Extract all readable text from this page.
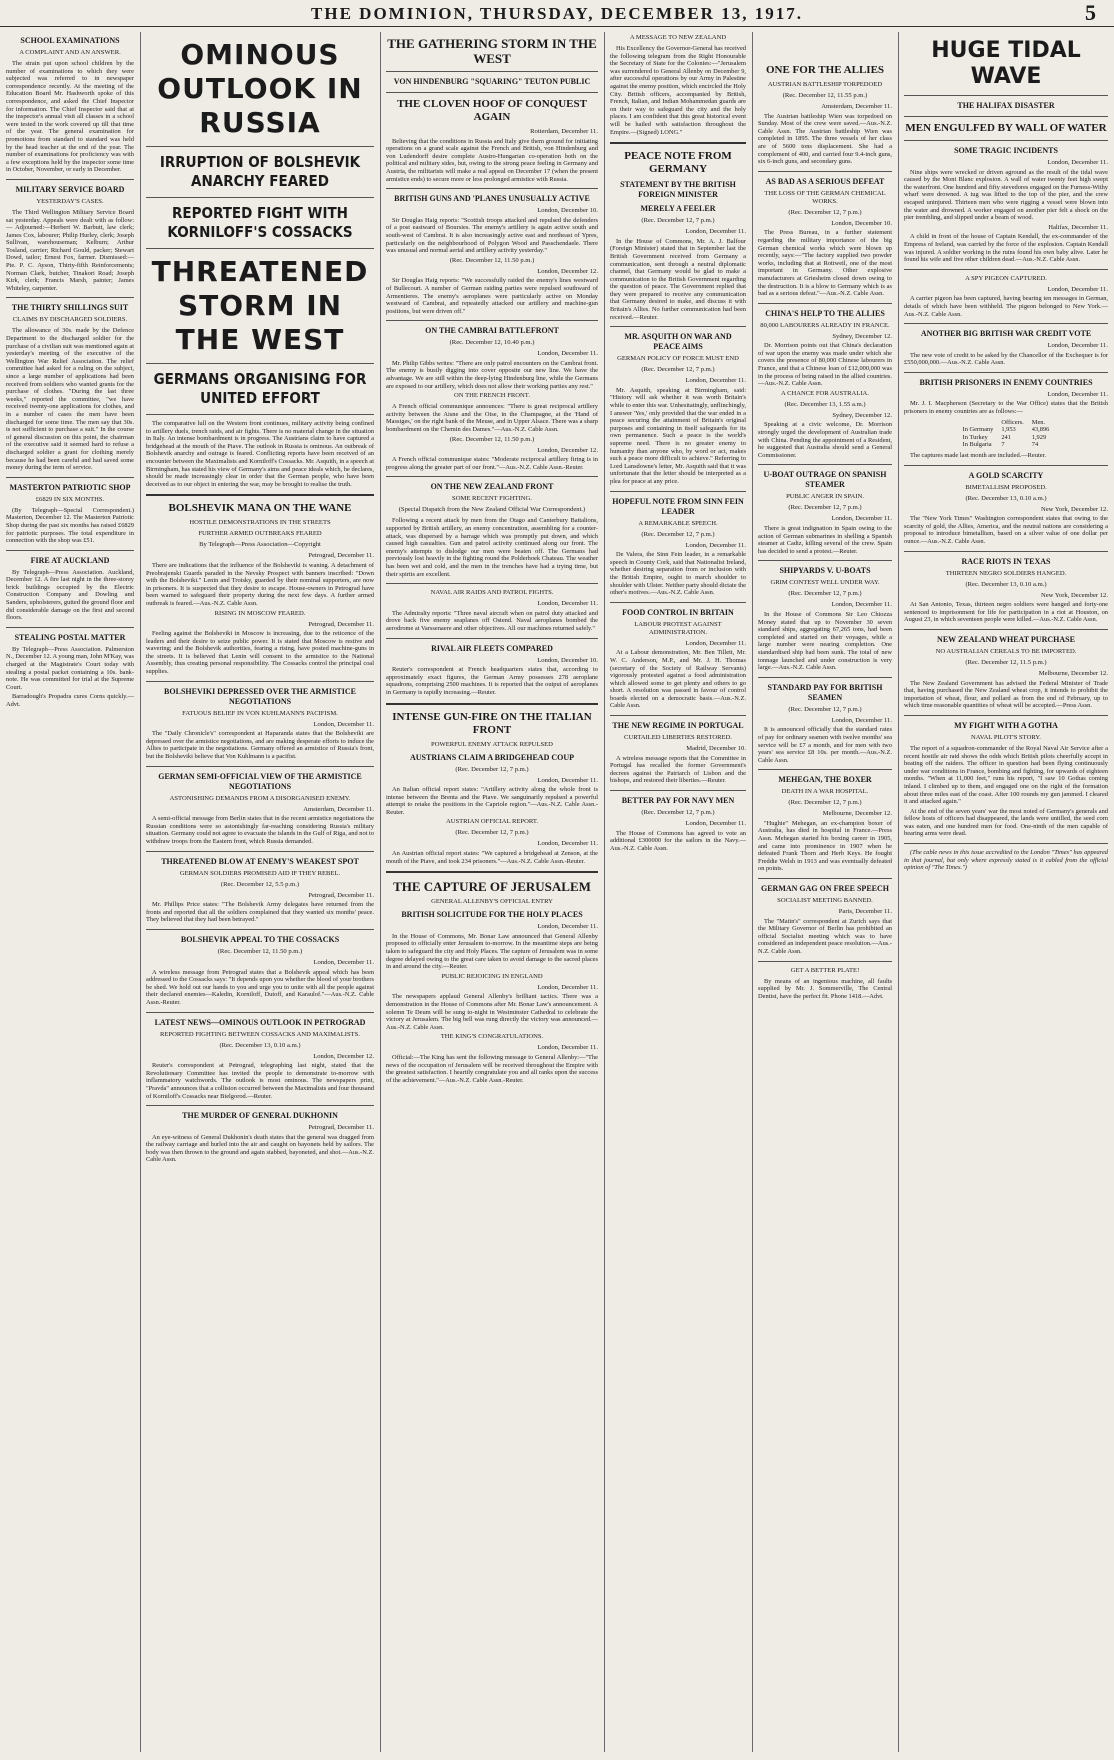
THE DOMINION, THURSDAY, DECEMBER 13, 1917.	5
SCHOOL EXAMINATIONS
A COMPLAINT AND AN ANSWER.

The strain put upon school children by the number of examinations to which they were subjected was referred to in newspaper correspondence recently. At the meeting of the Education Board Mr. Hashworth spoke of this correspondence, and asked the Chief Inspector for information. The Chief Inspector said that at the inspector's annual visit all classes in a school were tested in the work covered up till that time of the year. The general examination for promotions from standard to standard was held by the head teacher at the end of the year. The number of examinations for proficiency was with a few exceptions held by the inspector some time in October, November, or early in December.

MILITARY SERVICE BOARD
YESTERDAY'S CASES.

The Third Wellington Military Service Board sat yesterday. Appeals were dealt with as follow:— Adjourned:—Herbert W. Barbutt, law clerk; James Cox, labourer; Philip Hurley, clerk; Joseph Sullivan, warehouseman; Kelburn; Arthur Tosland, carrier; Richard Gould, packer; Stewart Dowd, tailor; Ernest Fox, farmer. Dismissed:—Pte. P. C. Ayson, Thirty-fifth Reinforcements; Norman Clark, butcher, Tinakori Road; Joseph Kirk, clerk; Francis Marsh, painter; James Whiteley, carpenter.

THE THIRTY SHILLINGS SUIT
CLAIMS BY DISCHARGED SOLDIERS.

The allowance of 30s. made by the Defence Department to the discharged soldier for the purchase of a civilian suit was mentioned again at yesterday's meeting of the executive of the Wellington War Relief Association. The relief committee had asked for a ruling on the subject, since a large number of applications had been received from soldiers who wanted grants for the purchase of clothes. "During the last three weeks," reported the committee, "we have received twenty-one applications for clothes, and in a number of cases the men have been discharged for some time. The men say that 30s. is not sufficient to purchase a suit." In the course of general discussion on this point, the chairman of the executive said it seemed hard to refuse a discharged soldier a grant for clothing merely because he had been careful and had saved some money during the term of service.

MASTERTON PATRIOTIC SHOP
£6829 IN SIX MONTHS.

(By Telegraph—Special Correspondent.) Masterton, December 12. The Masterton Patriotic Shop during the past six months has raised £6829 for patriotic purposes. The total expenditure in connection with the shop was £51.

FIRE AT AUCKLAND

By Telegraph—Press Association. Auckland, December 12. A fire last night in the three-storey brick buildings occupied by the Electric Construction Company and Dowling and Sanders, upholsterers, gutted the ground floor and did considerable damage on the first and second floors.

STEALING POSTAL MATTER

By Telegraph—Press Association. Palmerston N., December 12. A young man, John M'Kay, was charged at the Magistrate's Court today with stealing a postal packet containing a 10s. bank-note. He was committed for trial at the Supreme Court.

Barradough's Propadra cures Corns quickly.—Advt.

OMINOUS OUTLOOK IN RUSSIA
IRRUPTION OF BOLSHEVIK ANARCHY FEARED
REPORTED FIGHT WITH KORNILOFF'S COSSACKS
THREATENED STORM IN THE WEST
GERMANS ORGANISING FOR UNITED EFFORT

The comparative lull on the Western front continues, military activity being confined to artillery duels, trench raids, and air fights. There is no material change in the situation in Italy. An intense bombardment is in progress. The Austrians claim to have captured a bridgehead at the mouth of the Piave. The outlook in Russia is ominous. An outbreak of Bolshevik anarchy and outrage is feared. Conflicting reports have been received of an encounter between the Maximalists and Korniloff's Cossacks. Mr. Asquith, in a speech at Birmingham, has stated his view of Germany's aims and peace ideals which, he declares, should be made increasingly clear in order that the German people, who have been deceived as to our object in entering the war, may be brought to realise the truth.

BOLSHEVIK MANA ON THE WANE
HOSTILE DEMONSTRATIONS IN THE STREETS
FURTHER ARMED OUTBREAKS FEARED
By Telegraph—Press Association—Copyright
Petrograd, December 11.

There are indications that the influence of the Bolsheviki is waning. A detachment of Preobrajenski Guards paraded in the Nevsky Prospect with banners inscribed: "Down with the Bolsheviki." Lenin and Trotsky, guarded by their nominal supporters, are now in prisoners. It is suspected that they desire to escape. House-owners in Petrograd have been warned to safeguard their property during the next few days. A further armed outbreak is feared.—Aus.-N.Z. Cable Assn.

RISING IN MOSCOW FEARED.
Petrograd, December 11.

Feeling against the Bolsheviki in Moscow is increasing, due to the reticence of the leaders and their desire to seize public power. It is stated that Moscow is restive and wavering; and the Bolshevik authorities, fearing a rising, have posted machine-guns in the streets. It is believed that Lenin will consent to the armistice to the National Assembly, thus creating personal responsibility. The Cossacks control the principal coal supplies.

BOLSHEVIKI DEPRESSED OVER THE ARMISTICE NEGOTIATIONS
FATUOUS BELIEF IN VON KUHLMANN'S PACIFISM.
London, December 11.

The "Daily Chronicle's" correspondent at Haparanda states that the Bolsheviki are depressed over the armistice negotiations, and are making desperate efforts to induce the Allies to participate in the negotiations. Germany offered an armistice of Russia's front, but the Bolsheviki believe that Von Kuhlmann is a pacifist.

GERMAN SEMI-OFFICIAL VIEW OF THE ARMISTICE NEGOTIATIONS
ASTONISHING DEMANDS FROM A DISORGANISED ENEMY.
Amsterdam, December 11.

A semi-official message from Berlin states that in the recent armistice negotiations the Russian conditions were so astonishingly far-reaching considering Russia's military situation. Germany could not agree to evacuate the islands in the Gulf of Riga, and not to withdraw troops from the Eastern front, which Russia demanded.

THREATENED BLOW AT ENEMY'S WEAKEST SPOT
GERMAN SOLDIERS PROMISED AID IF THEY REBEL.
(Rec. December 12, 5.5 p.m.)
Petrograd, December 11.

Mr. Phillips Price states: "The Bolshevik Army delegates have returned from the fronts and reported that all the soldiers complained that they wanted six months' peace. They believed that they had been betrayed."

BOLSHEVIK APPEAL TO THE COSSACKS
(Rec. December 12, 11.50 p.m.)
London, December 11.

A wireless message from Petrograd states that a Bolshevik appeal which has been addressed to the Cossacks says: "It depends upon you whether the blood of your brothers be shed. We hold out our hands to you and urge you to unite with all the people against their declared enemies—Kaledin, Korniloff, Dutoff, and Karaulof."—Aus.-N.Z. Cable Assn.-Reuter.

LATEST NEWS—OMINOUS OUTLOOK IN PETROGRAD
REPORTED FIGHTING BETWEEN COSSACKS AND MAXIMALISTS.
(Rec. December 13, 0.10 a.m.)
London, December 12.

Reuter's correspondent at Petrograd, telegraphing last night, stated that the Revolutionary Committee has invited the people to demonstrate to-morrow with inflammatory watchwords. The outlook is most ominous. The newspapers print, "Pravda" announces that a collision occurred between the Maximalists and four thousand of Korniloff's Cossacks near Bielgorod.—Reuter.

THE MURDER OF GENERAL DUKHONIN
Petrograd, December 11.

An eye-witness of General Dukhonin's death states that the general was dragged from the railway carriage and hurled into the air and caught on bayonets held by sailors. The body was then thrown to the ground and again stabbed, bayoneted, and shot.—Aus.-N.Z. Cable Assn.

THE GATHERING STORM IN THE WEST
VON HINDENBURG "SQUARING" TEUTON PUBLIC
THE CLOVEN HOOF OF CONQUEST AGAIN
Rotterdam, December 11.

Believing that the conditions in Russia and Italy give them ground for initiating operations on a grand scale against the French and British, von Hindenburg and von Ludendorff desire complete Austro-Hungarian co-operation both on the political and military sides, but, owing to the strong peace feeling in Germany and Austria, the militarists will make a real appeal on December 17 (when the present armistice ends) to secure more or less prolonged armistice with Russia.

BRITISH GUNS AND 'PLANES UNUSUALLY ACTIVE
London, December 10.

Sir Douglas Haig reports: "Scottish troops attacked and repulsed the defenders of a post eastward of Boursies. The enemy's artillery is again active south and south-west of Cambrai. It is also increasingly active east and northeast of Ypres, particularly on the neighbourhood of Polygon Wood and Passchendaele. There was unusual and normal aerial and artillery activity yesterday."

(Rec. December 12, 11.50 p.m.)
London, December 12.

Sir Douglas Haig reports: "We successfully raided the enemy's lines westward of Bullecourt. A number of German raiding parties were repulsed southward of Armentieres. The enemy's aeroplanes were particularly active on Monday westward of Cambrai, and repeatedly attacked our artillery and machine-gun positions, but were driven off."

ON THE CAMBRAI BATTLEFRONT
(Rec. December 12, 10.40 p.m.)
London, December 11.

Mr. Philip Gibbs writes: "There are only patrol encounters on the Cambrai front. The enemy is busily digging into cover opposite our new line. We have the advantage. We are still within the deep-lying Hindenburg line, while the Germans are exposed to our artillery, which does not allow their working parties any rest."

ON THE FRENCH FRONT.

A French official communique announces: "There is great reciprocal artillery activity between the Aisne and the Oise, in the Champagne, at the 'Hand of Massiges,' on the right bank of the Meuse, and in Upper Alsace. There was a sharp bombardment on the Chemin des Dames."—Aus.-N.Z. Cable Assn.

(Rec. December 12, 11.50 p.m.)
London, December 12.

A French official communique states: "Moderate reciprocal artillery firing is in progress along the greater part of our front."—Aus.-N.Z. Cable Assn.-Reuter.

ON THE NEW ZEALAND FRONT
SOME RECENT FIGHTING.
(Special Dispatch from the New Zealand Official War Correspondent.)

Following a recent attack by men from the Otago and Canterbury Battalions, supported by British artillery, an enemy concentration, assembling for a counter-attack, was dispersed by a barrage which was promptly put down, and which caused high casualties. Gun and patrol activity continued along our front. The enemy's attempts to dislodge our men were beaten off. The Germans had previously lost heavily in the fighting round the Polderhoek Chateau. The weather has been wet and cold, and the men in the trenches have had a trying time, but their spirits are excellent.

NAVAL AIR RAIDS AND PATROL FIGHTS.
London, December 11.

The Admiralty reports: "Three naval aircraft when on patrol duty attacked and drove back five enemy seaplanes off Ostend. Naval aeroplanes bombed the aerodrome at Varssenaere and other objectives. All our machines returned safely."

RIVAL AIR FLEETS COMPARED
London, December 10.

Reuter's correspondent at French headquarters states that, according to approximately exact figures, the German Army possesses 278 aeroplane squadrons, comprising 2500 machines. It is reported that the output of aeroplanes in Germany is rapidly increasing.—Reuter.

INTENSE GUN-FIRE ON THE ITALIAN FRONT
POWERFUL ENEMY ATTACK REPULSED
AUSTRIANS CLAIM A BRIDGEHEAD COUP
(Rec. December 12, 7 p.m.)
London, December 11.

An Italian official report states: "Artillery activity along the whole front is intense between the Brenta and the Piave. We sanguinarily repulsed a powerful attempt to retake the positions in the Capriole region."—Aus.-N.Z. Cable Assn.-Reuter.

AUSTRIAN OFFICIAL REPORT.
(Rec. December 12, 7 p.m.)
London, December 11.

An Austrian official report states: "We captured a bridgehead at Zenson, at the mouth of the Piave, and took 234 prisoners."—Aus.-N.Z. Cable Assn.-Reuter.

THE CAPTURE OF JERUSALEM
GENERAL ALLENBY'S OFFICIAL ENTRY
BRITISH SOLICITUDE FOR THE HOLY PLACES
London, December 11.

In the House of Commons, Mr. Bonar Law announced that General Allenby proposed to officially enter Jerusalem to-morrow. In the meantime steps are being taken to safeguard the city and Holy Places. The capture of Jerusalem was in some degree delayed owing to the great care taken to avoid damage to the sacred places in and around the city.—Reuter.

PUBLIC REJOICING IN ENGLAND
London, December 11.

The newspapers applaud General Allenby's brilliant tactics. There was a demonstration in the House of Commons after Mr. Bonar Law's announcement. A solemn Te Deum will be sung to-night in Westminster Cathedral to celebrate the victory at Jerusalem. The big bell was rung directly the victory was announced.—Aus.-N.Z. Cable Assn.

THE KING'S CONGRATULATIONS.
London, December 11.

Official:—The King has sent the following message to General Allenby:—"The news of the occupation of Jerusalem will be received throughout the Empire with the greatest satisfaction. I heartily congratulate you and all ranks upon the success of the achievement."—Aus.-N.Z. Cable Assn.-Reuter.

A MESSAGE TO NEW ZEALAND

His Excellency the Governor-General has received the following telegram from the Right Honourable the Secretary of State for the Colonies:—"Jerusalem was surrendered to General Allenby on December 9, after successful operations by our Army in Palestine against the enemy position, which encircled the Holy City. British officers, accompanied by British, French, Italian, and Indian Mohammedan guards are on their way to safeguard the city and the holy places. I am confident that this great historical event will be hailed with satisfaction throughout the Empire.—(Signed) LONG."

PEACE NOTE FROM GERMANY
STATEMENT BY THE BRITISH FOREIGN MINISTER
MERELY A FEELER
(Rec. December 12, 7 p.m.)
London, December 11.

In the House of Commons, Mr. A. J. Balfour (Foreign Minister) stated that in September last the British Government received from Germany a communication, sent through a neutral diplomatic channel, that Germany would be glad to make a communication to the British Government regarding the question of peace. The Government replied that they were prepared to receive any communication that Germany desired to make, and discuss it with Britain's Allies. No further communication had been received.—Reuter.

MR. ASQUITH ON WAR AND PEACE AIMS
GERMAN POLICY OF FORCE MUST END
(Rec. December 12, 7 p.m.)
London, December 11.

Mr. Asquith, speaking at Birmingham, said: "History will ask whether it was worth Britain's while to enter this war. Unhesitatingly, unflinchingly, I answer 'Yes,' only provided that the war ended in a peace securing the attainment of Britain's original purposes and containing in itself safeguards for its own permanence. Such a peace is the world's supreme need. There is no greater enemy to humanity than anyone who, by word or act, makes such a peace more difficult to achieve." Referring to Lord Lansdowne's letter, Mr. Asquith said that it was unfortunate that the letter should be interpreted as a plea for peace at any price.

HOPEFUL NOTE FROM SINN FEIN LEADER
A REMARKABLE SPEECH.
(Rec. December 12, 7 p.m.)
London, December 11.

De Valera, the Sinn Fein leader, in a remarkable speech in County Cork, said that Nationalist Ireland, whether desiring separation from or inclusion with the British Empire, ought to march shoulder to shoulder with Ulster. Neither party should dictate the other's motives.—Aus.-N.Z. Cable Assn.

FOOD CONTROL IN BRITAIN
LABOUR PROTEST AGAINST ADMINISTRATION.
London, December 11.

At a Labour demonstration, Mr. Ben Tillett, Mr. W. C. Anderson, M.P., and Mr. J. H. Thomas (secretary of the Society of Railway Servants) vigorously protested against a food administration which allowed some to get plenty and others to go short. A resolution was passed in favour of control boards elected on a democratic basis.—Aus.-N.Z. Cable Assn.

THE NEW REGIME IN PORTUGAL
CURTAILED LIBERTIES RESTORED.
Madrid, December 10.

A wireless message reports that the Committee in Portugal has recalled the former Government's decrees against the Patriarch of Lisbon and the bishops, and restored their liberties.—Reuter.

BETTER PAY FOR NAVY MEN
(Rec. December 12, 7 p.m.)
London, December 11.

The House of Commons has agreed to vote an additional £300000 for the sailors in the Navy.—Aus.-N.Z. Cable Assn.

ONE FOR THE ALLIES
AUSTRIAN BATTLESHIP TORPEDOED
(Rec. December 12, 11.55 p.m.)
Amsterdam, December 11.

The Austrian battleship Wien was torpedoed on Sunday. Most of the crew were saved.—Aus.-N.Z. Cable Assn. The Austrian battleship Wien was completed in 1895. The three vessels of her class are of 5600 tons displacement. She had a complement of 400, and carried four 9.4-inch guns, six 6-inch guns, and secondary guns.

AS BAD AS A SERIOUS DEFEAT
THE LOSS OF THE GERMAN CHEMICAL WORKS.
(Rec. December 12, 7 p.m.)
London, December 10.

The Press Bureau, in a further statement regarding the military importance of the big German chemical works which were blown up recently, says:—"The factory supplied two powder works, including that at Rottweil, one of the most important in Germany. Other explosive manufacturers at Griesheim closed down owing to the destruction. It is a blow to Germany which is as bad as a serious defeat."—Aus.-N.Z. Cable Assn.

CHINA'S HELP TO THE ALLIES
80,000 LABOURERS ALREADY IN FRANCE.
Sydney, December 12.

Dr. Morrison points out that China's declaration of war upon the enemy was made under which she covers the presence of 80,000 Chinese labourers in France, and that a Chinese loan of £12,000,000 was in the process of being raised in the allied countries.—Aus.-N.Z. Cable Assn.

A CHANCE FOR AUSTRALIA.
(Rec. December 13, 1.55 a.m.)
Sydney, December 12.

Speaking at a civic welcome, Dr. Morrison strongly urged the development of Australian trade with China. Pending the appointment of a Resident, he suggested that Australia should send a General Commissioner.

U-BOAT OUTRAGE ON SPANISH STEAMER
PUBLIC ANGER IN SPAIN.
(Rec. December 12, 7 p.m.)
London, December 11.

There is great indignation in Spain owing to the action of German submarines in shelling a Spanish steamer at Cadiz, killing several of the crew. Spain has decided to send a protest.—Reuter.

SHIPYARDS V. U-BOATS
GRIM CONTEST WELL UNDER WAY.
(Rec. December 12, 7 p.m.)
London, December 11.

In the House of Commons Sir Leo Chiozza Money stated that up to November 30 seven standard ships, aggregating 67,265 tons, had been completed and started on their voyages, while a large number were nearing completion. One standardised ship had been sunk. The total of new tonnage launched and under construction is very large.—Aus.-N.Z. Cable Assn.

STANDARD PAY FOR BRITISH SEAMEN
(Rec. December 12, 7 p.m.)
London, December 11.

It is announced officially that the standard rates of pay for ordinary seamen with twelve months' sea service will be £7 a month, and for men with two years' sea service £8 10s. per month.—Aus.-N.Z. Cable Assn.

MEHEGAN, THE BOXER
DEATH IN A WAR HOSPITAL.
(Rec. December 12, 7 p.m.)
Melbourne, December 12.

"Hughie" Mehegan, an ex-champion boxer of Australia, has died in hospital in France.—Press Assn. Mehegan started his boxing career in 1905, and came into prominence in 1907 when he defeated Frank Thorn and Herb Keys. He fought Freddie Welsh in 1913 and was eventually defeated on points.

GERMAN GAG ON FREE SPEECH
SOCIALIST MEETING BANNED.
Paris, December 11.

The "Matin's" correspondent at Zurich says that the Military Governor of Berlin has prohibited an official Socialist meeting which was to have considered an independent peace resolution.—Aus.-N.Z. Cable Assn.

GET A BETTER PLATE!

By means of an ingenious machine, all faults supplied by Mr. J. Sommerville, The Central Dentist, have the perfect fit. Phone 1418.—Advt.

HUGE TIDAL WAVE
THE HALIFAX DISASTER
MEN ENGULFED BY WALL OF WATER
SOME TRAGIC INCIDENTS
London, December 11.

Nine ships were wrecked or driven aground as the result of the tidal wave caused by the Mont Blanc explosion. A wall of water twenty feet high swept the waterfront. One hundred and fifty stevedores engaged on the Furness-Withy wharf were drowned. A tug was lifted to the top of the pier, and the crew escaped uninjured. Thirteen men who were rigging a vessel were blown into the water and drowned. A worker engaged on another pier felt a shock on the pier trembling, and slipped under a beam of wood.

Halifax, December 11.

A child in front of the house of Captain Kendall, the ex-commander of the Empress of Ireland, was carried by the force of the explosion. Captain Kendall was injured. A soldier working in the ruins found his own baby alive. Later he found his wife and five other children dead.—Aus.-N.Z. Cable Assn.

A SPY PIGEON CAPTURED.
London, December 11.

A carrier pigeon has been captured, having bearing ten messages in German, details of which have been withheld. The pigeon belonged to New York.—Aus.-N.Z. Cable Assn.

ANOTHER BIG BRITISH WAR CREDIT VOTE
London, December 11.

The new vote of credit to be asked by the Chancellor of the Exchequer is for £550,000,000.—Aus.-N.Z. Cable Assn.

BRITISH PRISONERS IN ENEMY COUNTRIES
London, December 11.

Mr. J. I. Macpherson (Secretary to the War Office) states that the British prisoners in enemy countries are as follows:—

	Officers.	Men.
In Germany	1,953	43,896
In Turkey	241	1,929
In Bulgaria	7	74

The captures made last month are included.—Reuter.

A GOLD SCARCITY
BIMETALLISM PROPOSED.
(Rec. December 13, 0.10 a.m.)
New York, December 12.

The "New York Times" Washington correspondent states that owing to the scarcity of gold, the Allies, America, and the neutral nations are considering a proposal to introduce bimetallism, based on a silver value of one dollar per ounce.—Aus.-N.Z. Cable Assn.

RACE RIOTS IN TEXAS
THIRTEEN NEGRO SOLDIERS HANGED.
(Rec. December 13, 0.10 a.m.)
New York, December 12.

At San Antonio, Texas, thirteen negro soldiers were hanged and forty-one sentenced to imprisonment for life for participation in a riot at Houston, on August 23, in which seventeen people were killed.—Aus.-N.Z. Cable Assn.

NEW ZEALAND WHEAT PURCHASE
NO AUSTRALIAN CEREALS TO BE IMPORTED.
(Rec. December 12, 11.5 p.m.)
Melbourne, December 12.

The New Zealand Government has advised the Federal Minister of Trade that, having purchased the New Zealand wheat crop, it intends to prohibit the importation of wheat, flour, and pollard as from the end of February, up to which time reasonable quantities of wheat will be accepted.—Press Assn.

MY FIGHT WITH A GOTHA
NAVAL PILOT'S STORY.

The report of a squadron-commander of the Royal Naval Air Service after a recent hostile air raid shows the odds which British pilots cheerfully accept in beating off the raiders. The officer in question had been flying continuously under war conditions in France, bombing and fighting, for upwards of eighteen months. "When at 11,000 feet," runs his report, "I saw 10 Gothas coming inland. I climbed up to them, and engaged one on the right of the formation about three miles east of the coast. After 100 rounds my gun jammed. I cleared it and attacked again."

At the end of the seven years' war the most noted of Germany's generals and fellow hosts of officers had disappeared, the lands were untilled, the seed corn was eaten, and one hundred men for food. One-ninth of the men capable of bearing arms were dead.

(The cable news in this issue accredited to the London "Times" has appeared in that journal, but only where expressly stated is it cabled from the official opinion of "The Times.")
